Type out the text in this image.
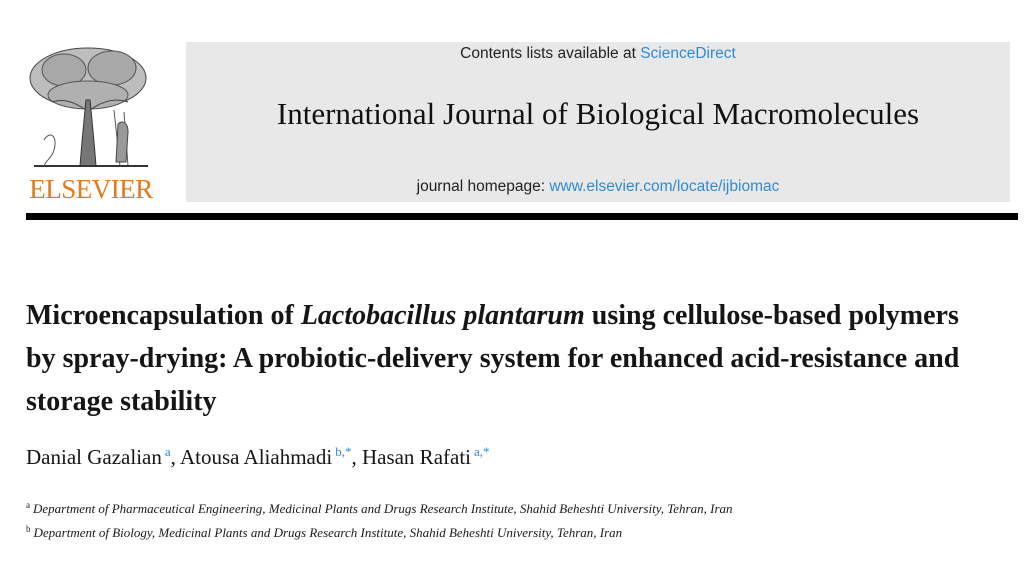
ELSEVIER
Contents lists available at ScienceDirect
International Journal of Biological Macromolecules
journal homepage: www.elsevier.com/locate/ijbiomac
Microencapsulation of Lactobacillus plantarum using cellulose-based polymers by spray-drying: A probiotic-delivery system for enhanced acid-resistance and storage stability
Danial Gazalian $^a$, Atousa Aliahmadi $^{b,*}$, Hasan Rafati $^{a,*}$
$^a$ Department of Pharmaceutical Engineering, Medicinal Plants and Drugs Research Institute, Shahid Beheshti University, Tehran, Iran
$^b$ Department of Biology, Medicinal Plants and Drugs Research Institute, Shahid Beheshti University, Tehran, Iran
